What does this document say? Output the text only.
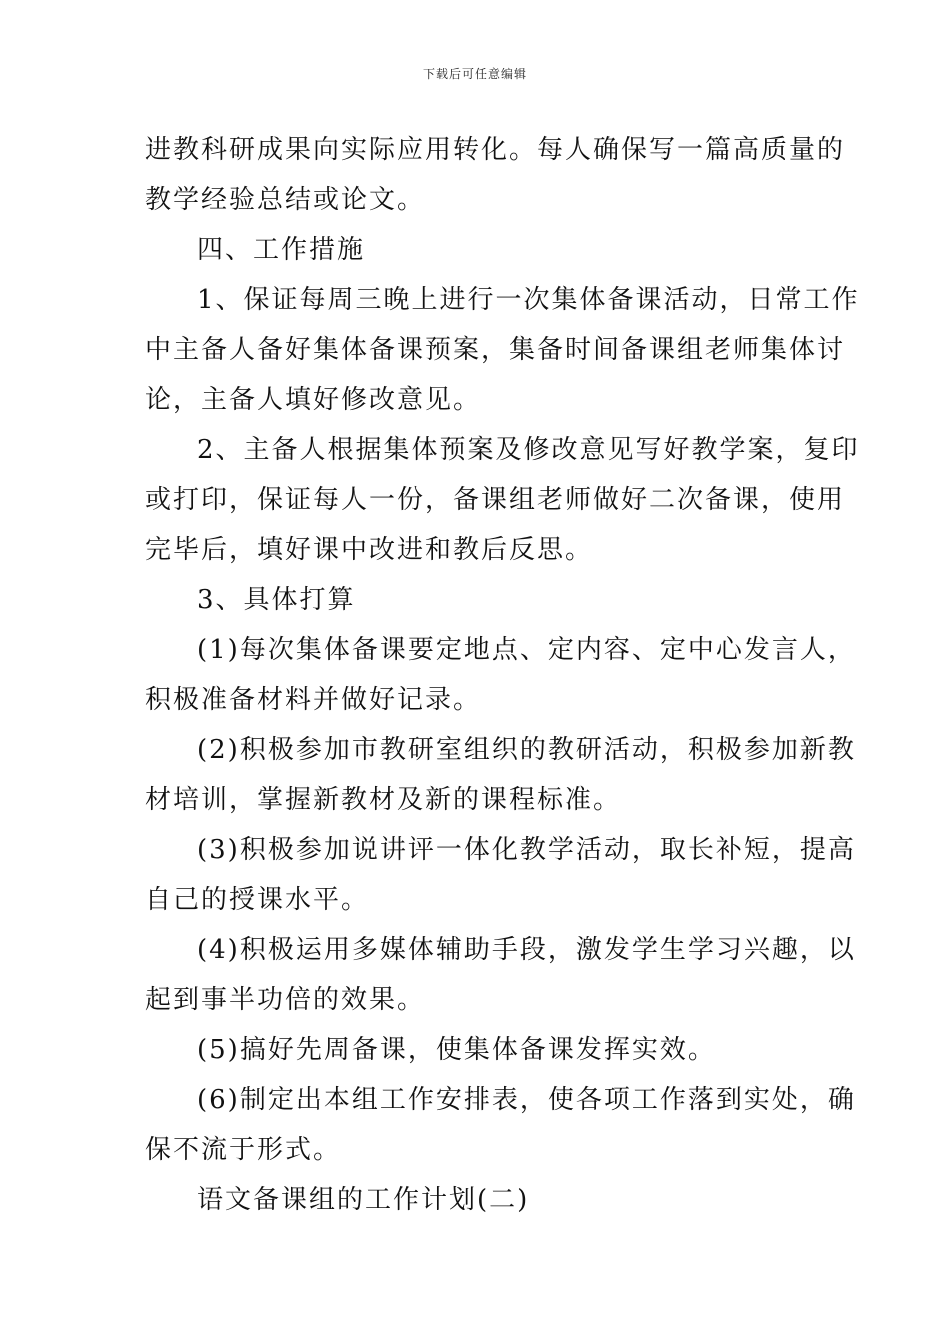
下载后可任意编辑
进教科研成果向实际应用转化。每人确保写一篇高质量的
教学经验总结或论文。
四、工作措施
1、保证每周三晚上进行一次集体备课活动，日常工作
中主备人备好集体备课预案，集备时间备课组老师集体讨
论，主备人填好修改意见。
2、主备人根据集体预案及修改意见写好教学案，复印
或打印，保证每人一份，备课组老师做好二次备课，使用
完毕后，填好课中改进和教后反思。
3、具体打算
(1)每次集体备课要定地点、定内容、定中心发言人，
积极准备材料并做好记录。
(2)积极参加市教研室组织的教研活动，积极参加新教
材培训，掌握新教材及新的课程标准。
(3)积极参加说讲评一体化教学活动，取长补短，提高
自己的授课水平。
(4)积极运用多媒体辅助手段，激发学生学习兴趣，以
起到事半功倍的效果。
(5)搞好先周备课，使集体备课发挥实效。
(6)制定出本组工作安排表，使各项工作落到实处，确
保不流于形式。
语文备课组的工作计划(二)
